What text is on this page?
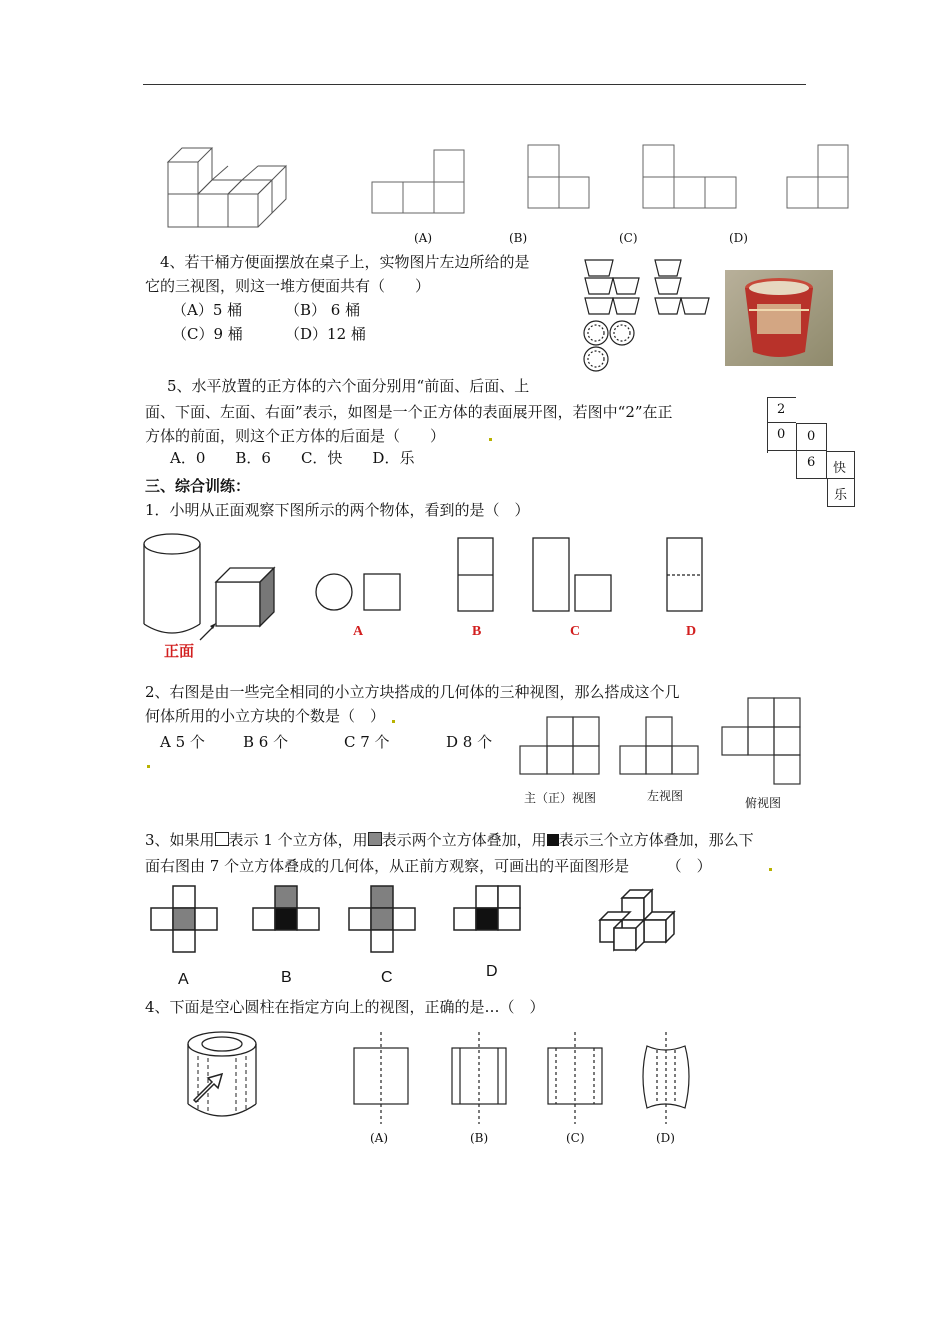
(A)	(B)	(C)	(D)
4、若干桶方便面摆放在桌子上，实物图片左边所给的是
它的三视图，则这一堆方便面共有（　　）
（A）5 桶	（B） 6 桶
（C）9 桶	（D）12 桶
5、水平放置的正方体的六个面分别用“前面、后面、上
面、下面、左面、右面”表示，如图是一个正方体的表面展开图，若图中“2”在正
方体的前面，则这个正方体的后面是（　　）
A．0　　B．6　　C．快　　D．乐
2
0 0
6 快
乐
三、综合训练：
1．小明从正面观察下图所示的两个物体，看到的是（　）
正面
A	B	C	D
2、右图是由一些完全相同的小立方块搭成的几何体的三种视图，那么搭成这个几
何体所用的小立方块的个数是（　）
A 5 个	B 6 个	C 7 个	D 8 个
主（正）视图	左视图	俯视图
3、如果用 表示 1 个立方体，用 表示两个立方体叠加，用 表示三个立方体叠加，那么下
面右图由 7 个立方体叠成的几何体，从正前方观察，可画出的平面图形是　　　（　）
A	B	C	D
4、下面是空心圆柱在指定方向上的视图，正确的是…（　）
(A)	(B)	(C)	(D)
